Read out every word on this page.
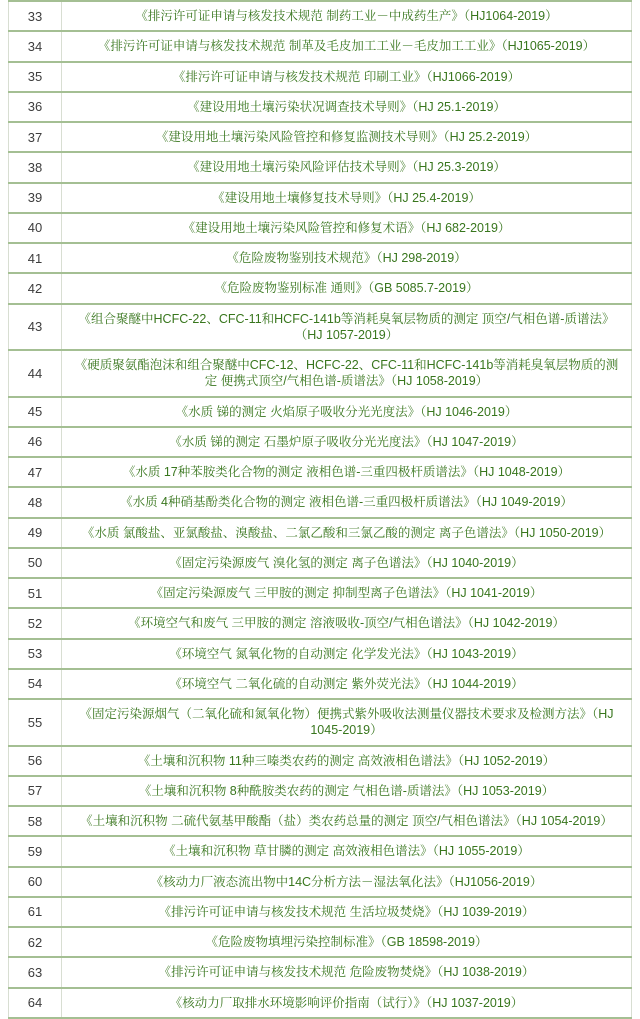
33	《排污许可证申请与核发技术规范 制药工业－中成药生产》（HJ1064-2019）
34	《排污许可证申请与核发技术规范 制革及毛皮加工工业－毛皮加工工业》（HJ1065-2019）
35	《排污许可证申请与核发技术规范 印刷工业》（HJ1066-2019）
36	《建设用地土壤污染状况调查技术导则》（HJ 25.1-2019）
37	《建设用地土壤污染风险管控和修复监测技术导则》（HJ 25.2-2019）
38	《建设用地土壤污染风险评估技术导则》（HJ 25.3-2019）
39	《建设用地土壤修复技术导则》（HJ 25.4-2019）
40	《建设用地土壤污染风险管控和修复术语》（HJ 682-2019）
41	《危险废物鉴别技术规范》（HJ 298-2019）
42	《危险废物鉴别标准 通则》（GB 5085.7-2019）
43	《组合聚醚中HCFC-22、CFC-11和HCFC-141b等消耗臭氧层物质的测定 顶空/气相色谱-质谱法》（HJ 1057-2019）
44	《硬质聚氨酯泡沫和组合聚醚中CFC-12、HCFC-22、CFC-11和HCFC-141b等消耗臭氧层物质的测定 便携式顶空/气相色谱-质谱法》（HJ 1058-2019）
45	《水质 锑的测定 火焰原子吸收分光光度法》（HJ 1046-2019）
46	《水质 锑的测定 石墨炉原子吸收分光光度法》（HJ 1047-2019）
47	《水质 17种苯胺类化合物的测定 液相色谱-三重四极杆质谱法》（HJ 1048-2019）
48	《水质 4种硝基酚类化合物的测定 液相色谱-三重四极杆质谱法》（HJ 1049-2019）
49	《水质 氯酸盐、亚氯酸盐、溴酸盐、二氯乙酸和三氯乙酸的测定 离子色谱法》（HJ 1050-2019）
50	《固定污染源废气 溴化氢的测定 离子色谱法》（HJ 1040-2019）
51	《固定污染源废气 三甲胺的测定 抑制型离子色谱法》（HJ 1041-2019）
52	《环境空气和废气 三甲胺的测定 溶液吸收-顶空/气相色谱法》（HJ 1042-2019）
53	《环境空气 氮氧化物的自动测定 化学发光法》（HJ 1043-2019）
54	《环境空气 二氧化硫的自动测定 紫外荧光法》（HJ 1044-2019）
55	《固定污染源烟气（二氧化硫和氮氧化物）便携式紫外吸收法测量仪器技术要求及检测方法》（HJ 1045-2019）
56	《土壤和沉积物 11种三嗪类农药的测定 高效液相色谱法》（HJ 1052-2019）
57	《土壤和沉积物 8种酰胺类农药的测定 气相色谱-质谱法》（HJ 1053-2019）
58	《土壤和沉积物 二硫代氨基甲酸酯（盐）类农药总量的测定 顶空/气相色谱法》（HJ 1054-2019）
59	《土壤和沉积物 草甘膦的测定 高效液相色谱法》（HJ 1055-2019）
60	《核动力厂液态流出物中14C分析方法－湿法氧化法》（HJ1056-2019）
61	《排污许可证申请与核发技术规范 生活垃圾焚烧》（HJ 1039-2019）
62	《危险废物填埋污染控制标准》（GB 18598-2019）
63	《排污许可证申请与核发技术规范 危险废物焚烧》（HJ 1038-2019）
64	《核动力厂取排水环境影响评价指南（试行）》（HJ 1037-2019）
